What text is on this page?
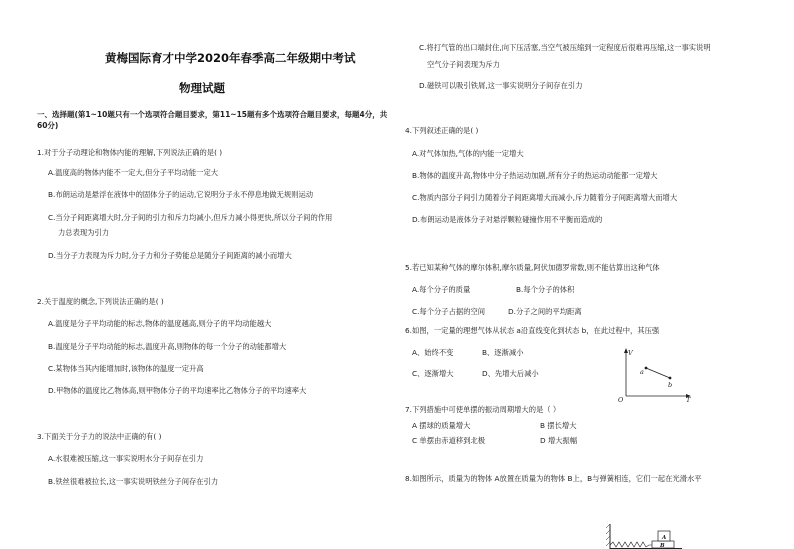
黄梅国际育才中学2020年春季高二年级期中考试
物理试题
一、选择题(第1~10题只有一个选项符合题目要求，第11~15题有多个选项符合题目要求，每题4分，共60分)
1.对于分子动理论和物体内能的理解,下列说法正确的是( )
A.温度高的物体内能不一定大,但分子平均动能一定大
B.布朗运动是悬浮在液体中的固体分子的运动,它说明分子永不停息地做无规则运动
C.当分子间距离增大时,分子间的引力和斥力均减小,但斥力减小得更快,所以分子间的作用
力总表现为引力
D.当分子力表现为斥力时,分子力和分子势能总是随分子间距离的减小而增大
2.关于温度的概念,下列说法正确的是( )
A.温度是分子平均动能的标志,物体的温度越高,则分子的平均动能越大
B.温度是分子平均动能的标志,温度升高,则物体的每一个分子的动能都增大
C.某物体当其内能增加时,该物体的温度一定升高
D.甲物体的温度比乙物体高,则甲物体分子的平均速率比乙物体分子的平均速率大
3.下面关于分子力的说法中正确的有( )
A.水很难被压缩,这一事实说明水分子间存在引力
B.铁丝很难被拉长,这一事实说明铁丝分子间存在引力
C.将打气管的出口端封住,向下压活塞,当空气被压缩到一定程度后很难再压缩,这一事实说明
空气分子间表现为斥力
D.磁铁可以吸引铁屑,这一事实说明分子间存在引力
4.下列叙述正确的是( )
A.对气体加热,气体的内能一定增大
B.物体的温度升高,物体中分子热运动加剧,所有分子的热运动动能都一定增大
C.物质内部分子间引力随着分子间距离增大而减小,斥力随着分子间距离增大而增大
D.布朗运动是液体分子对悬浮颗粒碰撞作用不平衡而造成的
5.若已知某种气体的摩尔体积,摩尔质量,阿伏加德罗常数,则不能估算出这种气体
A.每个分子的质量	B.每个分子的体积
C.每个分子占据的空间	D.分子之间的平均距离
6.如图，一定量的理想气体从状态 a沿直线变化到状态 b，在此过程中，其压强
A、始终不变	B、逐渐减小
C、逐渐增大	D、先增大后减小
V
T
O
a
b
7.下列措施中可使单摆的振动周期增大的是（ ）
A 摆球的质量增大	B 摆长增大
C 单摆由赤道移到北极	D 增大振幅
8.如图所示，质量为的物体 A放置在质量为的物体 B上，B与弹簧相连，它们一起在光滑水平
A
B
